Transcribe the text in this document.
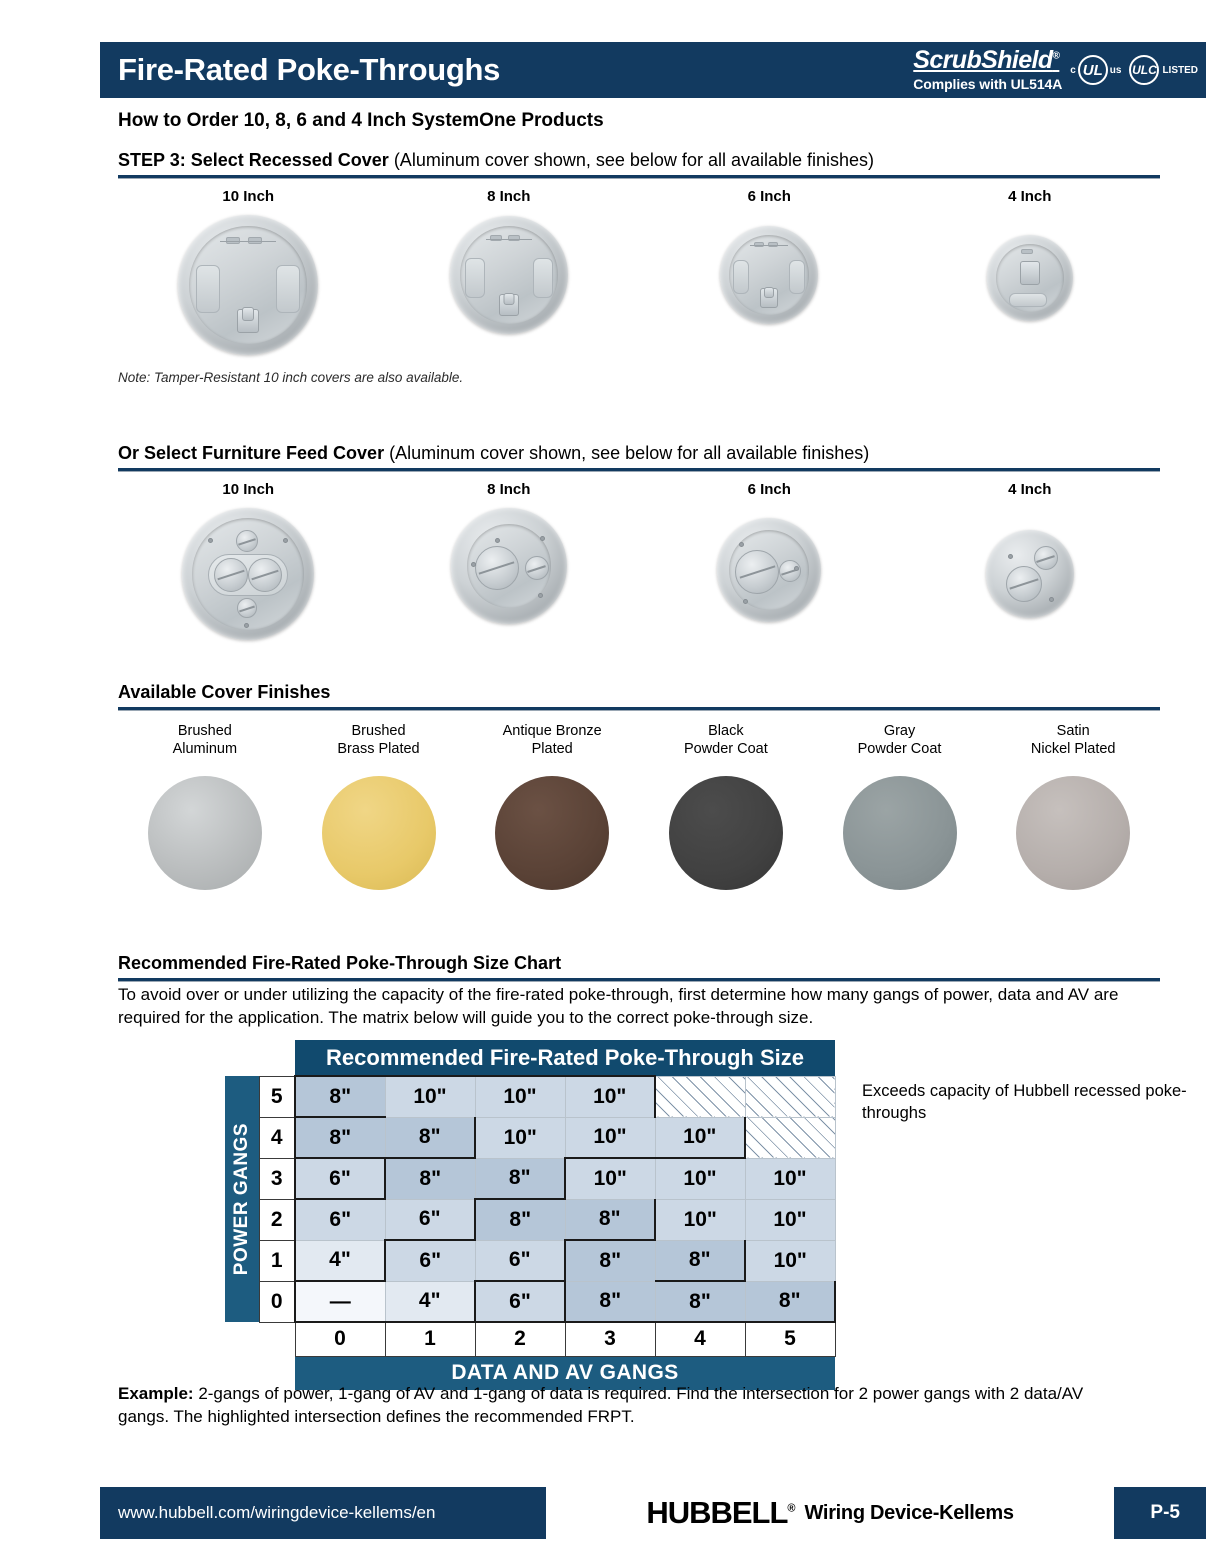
Fire-Rated Poke-Throughs	ScrubShield®
Complies with UL514A
c UL us ULC LISTED
How to Order 10, 8, 6 and 4 Inch SystemOne Products
STEP 3: Select Recessed Cover (Aluminum cover shown, see below for all available finishes)
10 Inch	8 Inch	6 Inch	4 Inch
Note: Tamper-Resistant 10 inch covers are also available.
Or Select Furniture Feed Cover (Aluminum cover shown, see below for all available finishes)
10 Inch	8 Inch	6 Inch	4 Inch
Available Cover Finishes
Brushed
Aluminum
Brushed
Brass Plated
Antique Bronze
Plated
Black
Powder Coat
Gray
Powder Coat
Satin
Nickel Plated
Recommended Fire-Rated Poke-Through Size Chart
To avoid over or under utilizing the capacity of the fire-rated poke-through, first determine how many gangs of power, data and AV are required for the application. The matrix below will guide you to the correct poke-through size.
		Recommended Fire-Rated Poke-Through Size					

POWER GANGS	5	8"	10"	10"	10"		
	4	8"	8"	10"	10"	10"	
	3	6"	8"	8"	10"	10"	10"
	2	6"	6"	8"	8"	10"	10"
	1	4"	6"	6"	8"	8"	10"
	0	—	4"	6"	8"	8"	8"
		0	1	2	3	4	5
		DATA AND AV GANGS					
Exceeds capacity of Hubbell recessed poke-throughs
Example: 2-gangs of power, 1-gang of AV and 1-gang of data is required. Find the intersection for 2 power gangs with 2 data/AV gangs. The highlighted intersection defines the recommended FRPT.
www.hubbell.com/wiringdevice-kellems/en	HUBBELL® Wiring Device-Kellems	P-5
